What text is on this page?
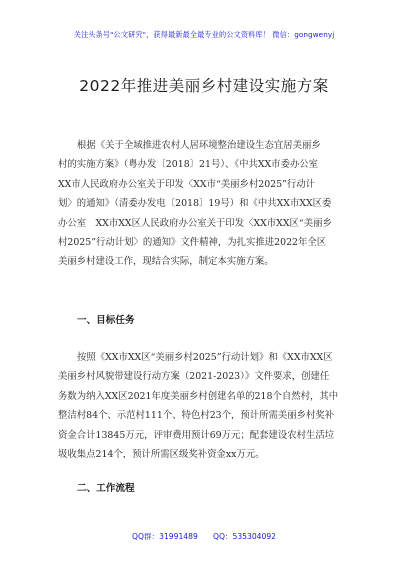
关注头条号"公文研究"，获得最新最全最专业的公文资料库！ 微信：gongwenyj
2022年推进美丽乡村建设实施方案
根据《关于全域推进农村人居环境整治建设生态宜居美丽乡
村的实施方案》（粤办发〔2018〕21号）、《中共XX市委办公室
XX市人民政府办公室关于印发〈XX市“美丽乡村2025”行动计
划〉的通知》（清委办发电〔2018〕19号）和《中共XX市XX区委
办公室　XX市XX区人民政府办公室关于印发〈XX市XX区“美丽乡
村2025”行动计划〉的通知》文件精神，为扎实推进2022年全区
美丽乡村建设工作，现结合实际，制定本实施方案。
一、目标任务
按照《XX市XX区“美丽乡村2025”行动计划》和《XX市XX区
美丽乡村风貌带建设行动方案（2021-2023）》文件要求，创建任
务数为纳入XX区2021年度美丽乡村创建名单的218个自然村，其中
整洁村84个、示范村111个、特色村23个，预计所需美丽乡村奖补
资金合计13845万元，评审费用预计69万元；配套建设农村生活垃
圾收集点214个，预计所需区级奖补资金xx万元。
二、工作流程
QQ群：31991489　　QQ：535304092
